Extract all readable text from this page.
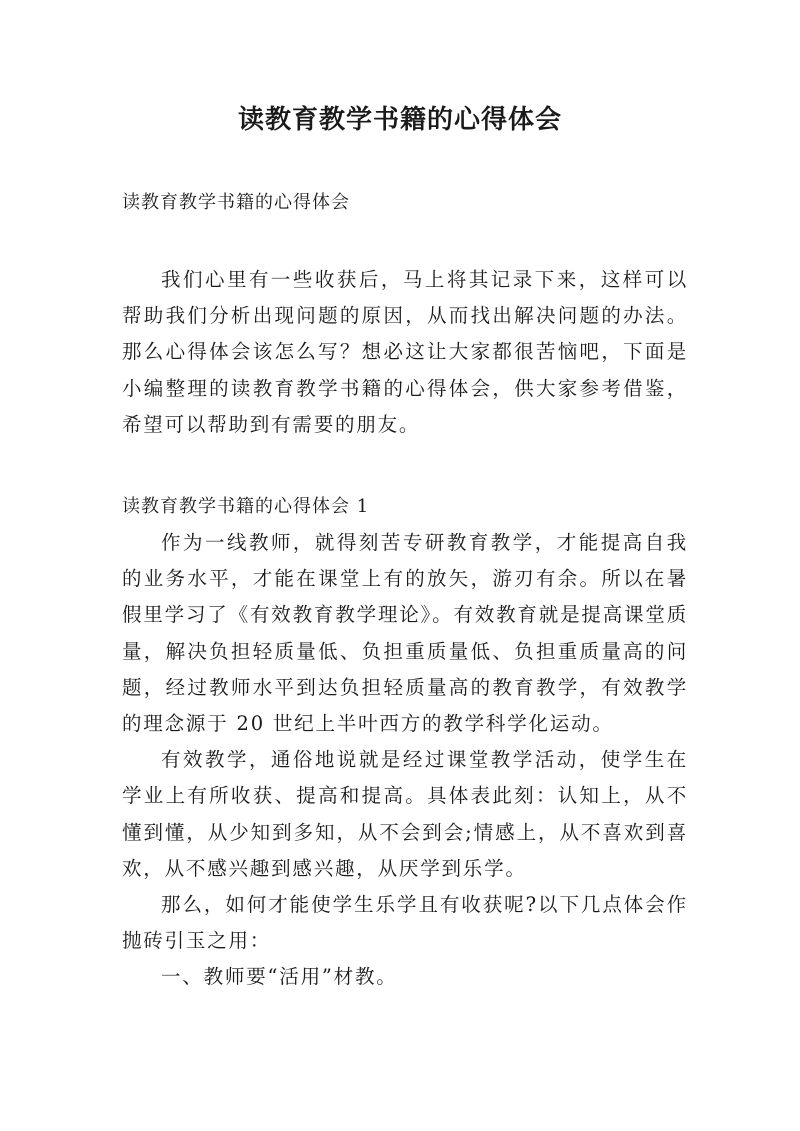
读教育教学书籍的心得体会

读教育教学书籍的心得体会

我们心里有一些收获后，马上将其记录下来，这样可以帮助我们分析出现问题的原因，从而找出解决问题的办法。那么心得体会该怎么写？想必这让大家都很苦恼吧，下面是小编整理的读教育教学书籍的心得体会，供大家参考借鉴，希望可以帮助到有需要的朋友。

读教育教学书籍的心得体会 1

作为一线教师，就得刻苦专研教育教学，才能提高自我的业务水平，才能在课堂上有的放矢，游刃有余。所以在暑假里学习了《有效教育教学理论》。有效教育就是提高课堂质量，解决负担轻质量低、负担重质量低、负担重质量高的问题，经过教师水平到达负担轻质量高的教育教学，有效教学的理念源于 20 世纪上半叶西方的教学科学化运动。

有效教学，通俗地说就是经过课堂教学活动，使学生在学业上有所收获、提高和提高。具体表此刻：认知上，从不懂到懂，从少知到多知，从不会到会;情感上，从不喜欢到喜欢，从不感兴趣到感兴趣，从厌学到乐学。

那么，如何才能使学生乐学且有收获呢?以下几点体会作抛砖引玉之用：

一、教师要“活用”材教。
